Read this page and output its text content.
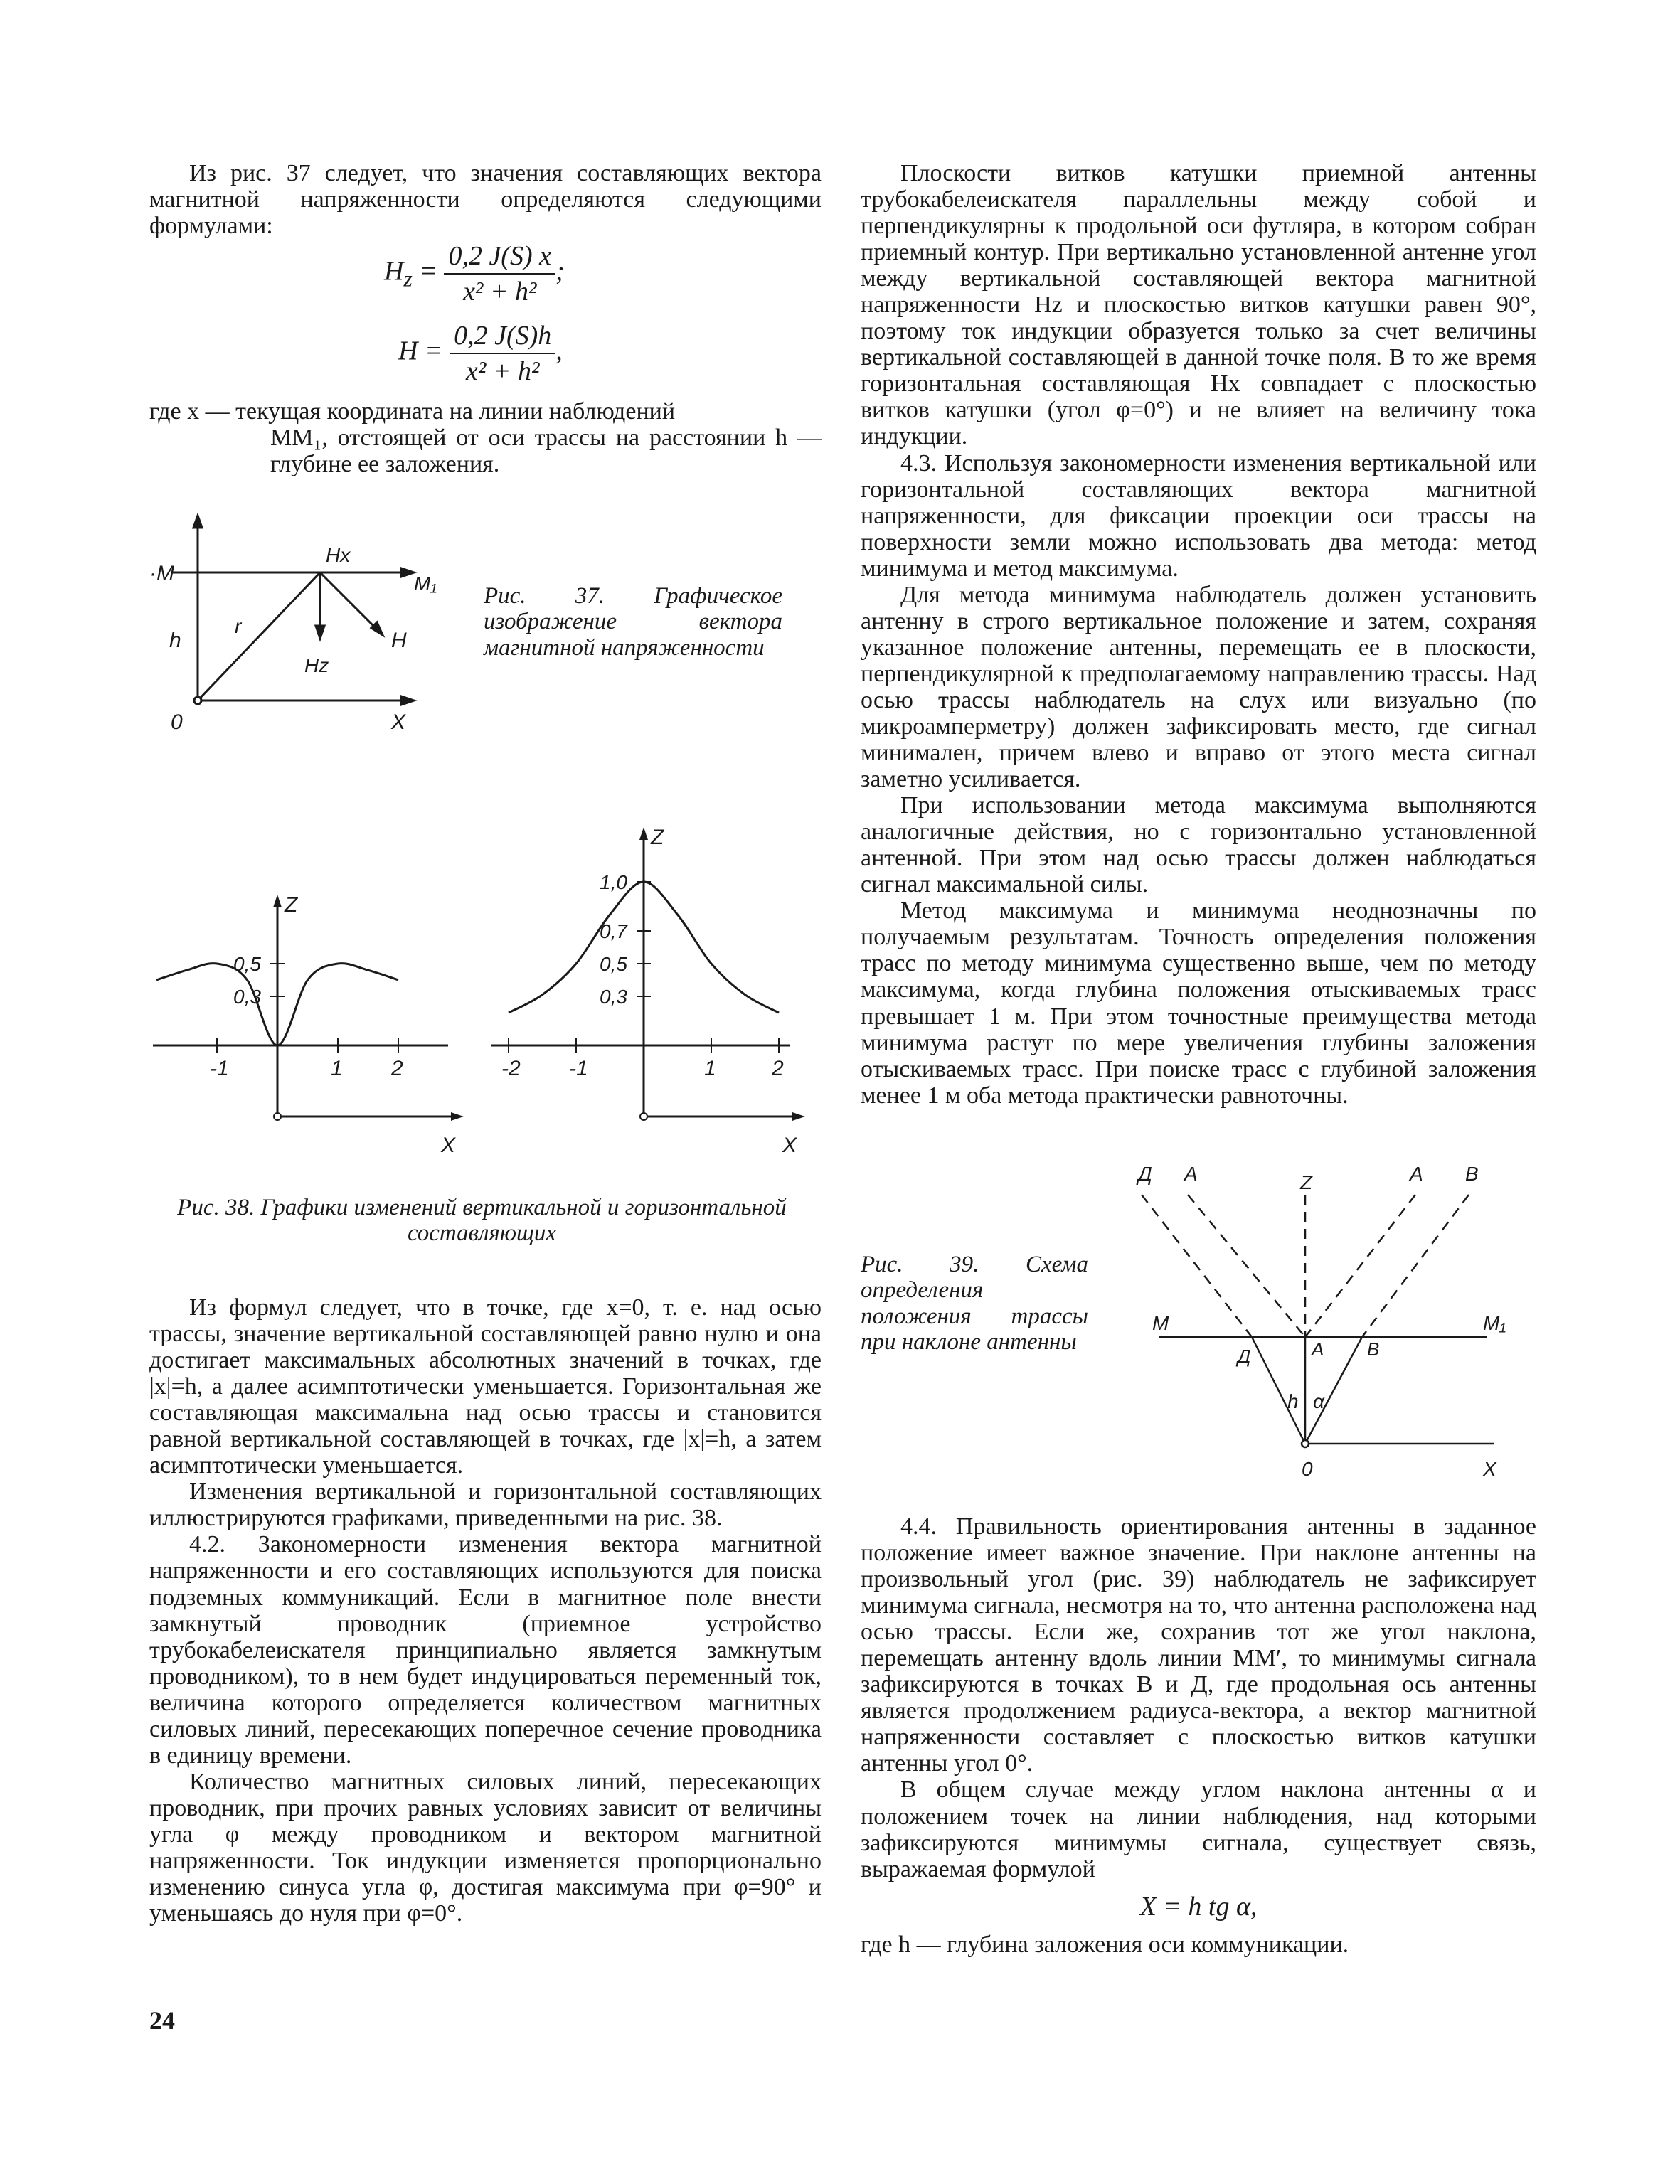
Из рис. 37 следует, что значения составляющих вектора магнитной напряженности определяются следующими формулами:

$H_z = \frac{0,2 J(S) x}{\text{x² + h²}}$ ;
$H = \frac{0,2 J(S)h}{\text{x² + h²}}$ ,
где x — текущая координата на линии наблюдений
MM₁, отстоящей от оси трассы на расстоянии h — глубине ее заложения.
·M	M₁
Hx
Hz
H
h
r
0	X
Рис. 37. Графическое изображение вектора магнитной напряженности
-1	1 2
0,3
0,5
Z
X
-2 -1	1	2
0,3
0,5
0,7
1,0
Z
X
Рис. 38. Графики изменений вертикальной и горизонтальной составляющих

Из формул следует, что в точке, где x=0, т. е. над осью трассы, значение вертикальной составляющей равно нулю и она достигает максимальных абсолютных значений в точках, где |x|=h, а далее асимптотически уменьшается. Горизонтальная же составляющая максимальна над осью трассы и становится равной вертикальной составляющей в точках, где |x|=h, а затем асимптотически уменьшается.

Изменения вертикальной и горизонтальной составляющих иллюстрируются графиками, приведенными на рис. 38.

4.2. Закономерности изменения вектора магнитной напряженности и его составляющих используются для поиска подземных коммуникаций. Если в магнитное поле внести замкнутый проводник (приемное устройство трубокабелеискателя принципиально является замкнутым проводником), то в нем будет индуцироваться переменный ток, величина которого определяется количеством магнитных силовых линий, пересекающих поперечное сечение проводника в единицу времени.

Количество магнитных силовых линий, пересекающих проводник, при прочих равных условиях зависит от величины угла φ между проводником и вектором магнитной напряженности. Ток индукции изменяется пропорционально изменению синуса угла φ, достигая максимума при φ=90° и уменьшаясь до нуля при φ=0°.

24

Плоскости витков катушки приемной антенны трубокабелеискателя параллельны между собой и перпендикулярны к продольной оси футляра, в котором собран приемный контур. При вертикально установленной антенне угол между вертикальной составляющей вектора магнитной напряженности Hz и плоскостью витков катушки равен 90°, поэтому ток индукции образуется только за счет величины вертикальной составляющей в данной точке поля. В то же время горизонтальная составляющая Hx совпадает с плоскостью витков катушки (угол φ=0°) и не влияет на величину тока индукции.

4.3. Используя закономерности изменения вертикальной или горизонтальной составляющих вектора магнитной напряженности, для фиксации проекции оси трассы на поверхности земли можно использовать два метода: метод минимума и метод максимума.

Для метода минимума наблюдатель должен установить антенну в строго вертикальное положение и затем, сохраняя указанное положение антенны, перемещать ее в плоскости, перпендикулярной к предполагаемому направлению трассы. Над осью трассы наблюдатель на слух или визуально (по микроамперметру) должен зафиксировать место, где сигнал минимален, причем влево и вправо от этого места сигнал заметно усиливается.

При использовании метода максимума выполняются аналогичные действия, но с горизонтально установленной антенной. При этом над осью трассы должен наблюдаться сигнал максимальной силы.

Метод максимума и минимума неоднозначны по получаемым результатам. Точность определения положения трасс по методу минимума существенно выше, чем по методу максимума, когда глубина положения отыскиваемых трасс превышает 1 м. При этом точностные преимущества метода минимума растут по мере увеличения глубины заложения отыскиваемых трасс. При поиске трасс с глубиной заложения менее 1 м оба метода практически равноточны.

Рис. 39. Схема определения положения трассы при наклоне антенны
Д А	Z	А В
M	M₁
Д	A В
h α
0	X

4.4. Правильность ориентирования антенны в заданное положение имеет важное значение. При наклоне антенны на произвольный угол (рис. 39) наблюдатель не зафиксирует минимума сигнала, несмотря на то, что антенна расположена над осью трассы. Если же, сохранив тот же угол наклона, перемещать антенну вдоль линии MM′, то минимумы сигнала зафиксируются в точках B и Д, где продольная ось антенны является продолжением радиуса-вектора, а вектор магнитной напряженности составляет с плоскостью витков катушки антенны угол 0°.

В общем случае между углом наклона антенны α и положением точек на линии наблюдения, над которыми зафиксируются минимумы сигнала, существует связь, выражаемая формулой

X = h tg α,

где h — глубина заложения оси коммуникации.
